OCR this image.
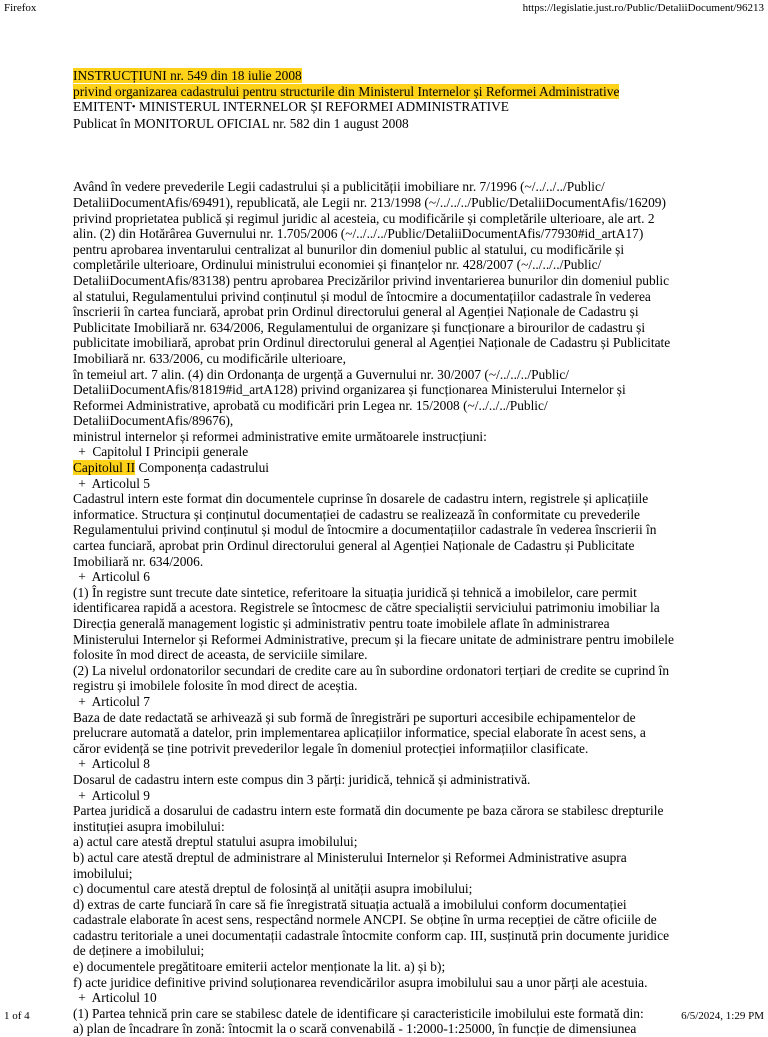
Firefox	https://legislatie.just.ro/Public/DetaliiDocument/96213
INSTRUCȚIUNI nr. 549 din 18 iulie 2008
privind organizarea cadastrului pentru structurile din Ministerul Internelor și Reformei Administrative
EMITENT• MINISTERUL INTERNELOR ȘI REFORMEI ADMINISTRATIVE
Publicat în MONITORUL OFICIAL nr. 582 din 1 august 2008
Având în vedere prevederile Legii cadastrului și a publicității imobiliare nr. 7/1996 (~/../../../Public/
DetaliiDocumentAfis/69491), republicată, ale Legii nr. 213/1998 (~/../../../Public/DetaliiDocumentAfis/16209)
privind proprietatea publică și regimul juridic al acesteia, cu modificările și completările ulterioare, ale art. 2
alin. (2) din Hotărârea Guvernului nr. 1.705/2006 (~/../../../Public/DetaliiDocumentAfis/77930#id_artA17)
pentru aprobarea inventarului centralizat al bunurilor din domeniul public al statului, cu modificările și
completările ulterioare, Ordinului ministrului economiei și finanțelor nr. 428/2007 (~/../../../Public/
DetaliiDocumentAfis/83138) pentru aprobarea Precizărilor privind inventarierea bunurilor din domeniul public
al statului, Regulamentului privind conținutul și modul de întocmire a documentațiilor cadastrale în vederea
înscrierii în cartea funciară, aprobat prin Ordinul directorului general al Agenției Naționale de Cadastru și
Publicitate Imobiliară nr. 634/2006, Regulamentului de organizare și funcționare a birourilor de cadastru și
publicitate imobiliară, aprobat prin Ordinul directorului general al Agenției Naționale de Cadastru și Publicitate
Imobiliară nr. 633/2006, cu modificările ulterioare,
în temeiul art. 7 alin. (4) din Ordonanța de urgență a Guvernului nr. 30/2007 (~/../../../Public/
DetaliiDocumentAfis/81819#id_artA128) privind organizarea și funcționarea Ministerului Internelor și
Reformei Administrative, aprobată cu modificări prin Legea nr. 15/2008 (~/../../../Public/
DetaliiDocumentAfis/89676),
ministrul internelor și reformei administrative emite următoarele instrucțiuni:
+ Capitolul I Principii generale
Capitolul II Componența cadastrului
+ Articolul 5
Cadastrul intern este format din documentele cuprinse în dosarele de cadastru intern, registrele și aplicațiile
informatice. Structura și conținutul documentației de cadastru se realizează în conformitate cu prevederile
Regulamentului privind conținutul și modul de întocmire a documentațiilor cadastrale în vederea înscrierii în
cartea funciară, aprobat prin Ordinul directorului general al Agenției Naționale de Cadastru și Publicitate
Imobiliară nr. 634/2006.
+ Articolul 6
(1) În registre sunt trecute date sintetice, referitoare la situația juridică și tehnică a imobilelor, care permit
identificarea rapidă a acestora. Registrele se întocmesc de către specialiștii serviciului patrimoniu imobiliar la
Direcția generală management logistic și administrativ pentru toate imobilele aflate în administrarea
Ministerului Internelor și Reformei Administrative, precum și la fiecare unitate de administrare pentru imobilele
folosite în mod direct de aceasta, de serviciile similare.
(2) La nivelul ordonatorilor secundari de credite care au în subordine ordonatori terțiari de credite se cuprind în
registru și imobilele folosite în mod direct de aceștia.
+ Articolul 7
Baza de date redactată se arhivează și sub formă de înregistrări pe suporturi accesibile echipamentelor de
prelucrare automată a datelor, prin implementarea aplicațiilor informatice, special elaborate în acest sens, a
căror evidență se ține potrivit prevederilor legale în domeniul protecției informațiilor clasificate.
+ Articolul 8
Dosarul de cadastru intern este compus din 3 părți: juridică, tehnică și administrativă.
+ Articolul 9
Partea juridică a dosarului de cadastru intern este formată din documente pe baza cărora se stabilesc drepturile
instituției asupra imobilului:
a) actul care atestă dreptul statului asupra imobilului;
b) actul care atestă dreptul de administrare al Ministerului Internelor și Reformei Administrative asupra
imobilului;
c) documentul care atestă dreptul de folosință al unității asupra imobilului;
d) extras de carte funciară în care să fie înregistrată situația actuală a imobilului conform documentației
cadastrale elaborate în acest sens, respectând normele ANCPI. Se obține în urma recepției de către oficiile de
cadastru teritoriale a unei documentații cadastrale întocmite conform cap. III, susținută prin documente juridice
de deținere a imobilului;
e) documentele pregătitoare emiterii actelor menționate la lit. a) și b);
f) acte juridice definitive privind soluționarea revendicărilor asupra imobilului sau a unor părți ale acestuia.
+ Articolul 10
(1) Partea tehnică prin care se stabilesc datele de identificare și caracteristicile imobilului este formată din:
a) plan de încadrare în zonă: întocmit la o scară convenabilă - 1:2000-1:25000, în funcție de dimensiunea
1 of 4	6/5/2024, 1:29 PM
